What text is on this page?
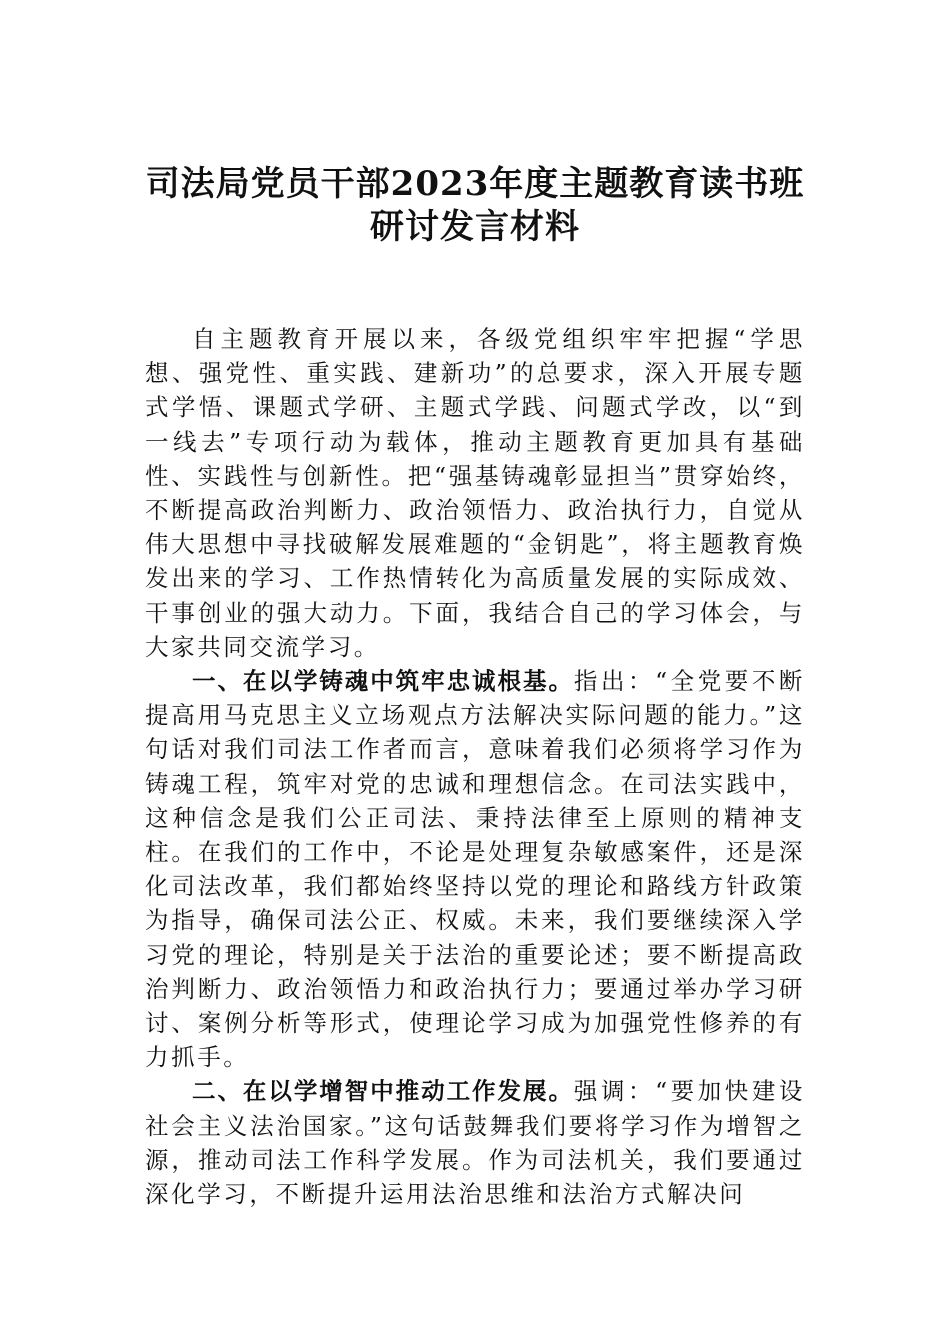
司法局党员干部2023年度主题教育读书班
研讨发言材料

自主题教育开展以来，各级党组织牢牢把握“学思想、强党性、重实践、建新功”的总要求，深入开展专题式学悟、课题式学研、主题式学践、问题式学改，以“到一线去”专项行动为载体，推动主题教育更加具有基础性、实践性与创新性。把“强基铸魂彰显担当”贯穿始终，不断提高政治判断力、政治领悟力、政治执行力，自觉从伟大思想中寻找破解发展难题的“金钥匙”，将主题教育焕发出来的学习、工作热情转化为高质量发展的实际成效、干事创业的强大动力。下面，我结合自己的学习体会，与大家共同交流学习。

一、在以学铸魂中筑牢忠诚根基。指出：“全党要不断提高用马克思主义立场观点方法解决实际问题的能力。”这句话对我们司法工作者而言，意味着我们必须将学习作为铸魂工程，筑牢对党的忠诚和理想信念。在司法实践中，这种信念是我们公正司法、秉持法律至上原则的精神支柱。在我们的工作中，不论是处理复杂敏感案件，还是深化司法改革，我们都始终坚持以党的理论和路线方针政策为指导，确保司法公正、权威。未来，我们要继续深入学习党的理论，特别是关于法治的重要论述；要不断提高政治判断力、政治领悟力和政治执行力；要通过举办学习研讨、案例分析等形式，使理论学习成为加强党性修养的有力抓手。

二、在以学增智中推动工作发展。强调：“要加快建设社会主义法治国家。”这句话鼓舞我们要将学习作为增智之源，推动司法工作科学发展。作为司法机关，我们要通过深化学习，不断提升运用法治思维和法治方式解决问
